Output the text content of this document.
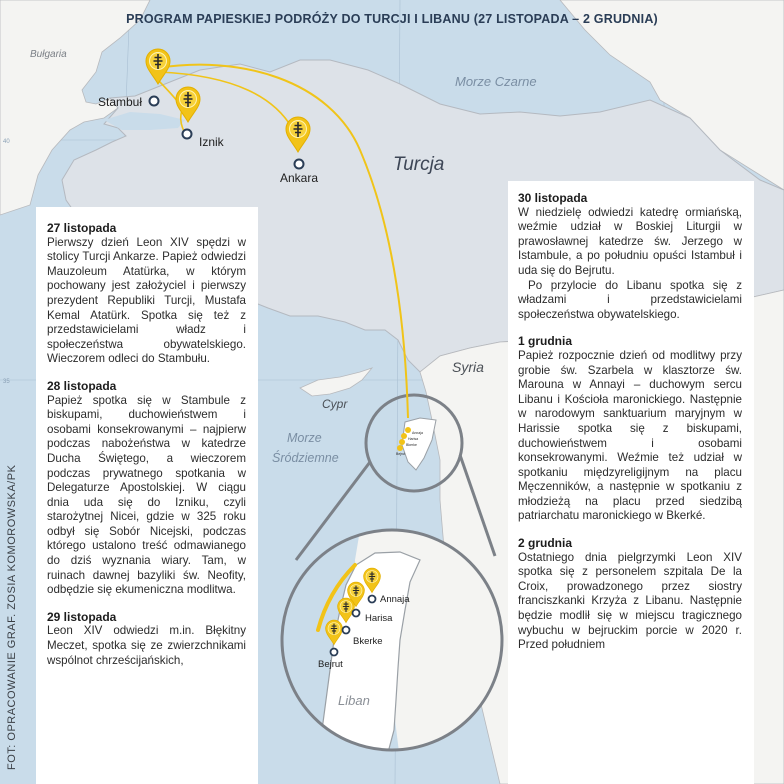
Annaja
Harisa
Bkerke
Bejrut
Annaja
Harisa
Bkerke
Bejrut
Liban
Bułgaria
Morze Czarne
Turcja
Syria
Cypr
Morze
Śródziemne
Stambuł
Iznik
Ankara
40
35
PROGRAM PAPIESKIEJ PODRÓŻY DO TURCJI I LIBANU (27 LISTOPADA – 2 GRUDNIA)
FOT: OPRACOWANIE GRAF. ZOSIA KOMOROWSKA/PK
27 listopada

Pierwszy dzień Leon XIV spędzi w stolicy Turcji Ankarze. Papież odwiedzi Mauzoleum Atatürka, w którym pochowany jest założyciel i pierwszy prezydent Republiki Turcji, Mustafa Kemal Atatürk. Spotka się też z przedstawicielami władz i społeczeństwa obywatelskiego. Wieczorem odleci do Stambułu.

28 listopada

Papież spotka się w Stambule z biskupami, duchowieństwem i osobami konsekrowanymi – najpierw podczas nabożeństwa w katedrze Ducha Świętego, a wieczorem podczas prywatnego spotkania w Delegaturze Apostolskiej. W ciągu dnia uda się do Izniku, czyli starożytnej Nicei, gdzie w 325 roku odbył się Sobór Nicejski, podczas którego ustalono treść odmawianego do dziś wyznania wiary. Tam, w ruinach dawnej bazyliki św. Neofity, odbędzie się ekumeniczna modlitwa.

29 listopada

Leon XIV odwiedzi m.in. Błękitny Meczet, spotka się ze zwierzchnikami wspólnot chrześcijańskich,

30 listopada

W niedzielę odwiedzi katedrę ormiańską, weźmie udział w Boskiej Liturgii w prawosławnej katedrze św. Jerzego w Istambule, a po południu opuści Istambuł i uda się do Bejrutu.

Po przylocie do Libanu spotka się z władzami i przedstawicielami społeczeństwa obywatelskiego.

1 grudnia

Papież rozpocznie dzień od modlitwy przy grobie św. Szarbela w klasztorze św. Marouna w Annayi – duchowym sercu Libanu i Kościoła maronickiego. Następnie w narodowym sanktuarium maryjnym w Harissie spotka się z biskupami, duchowieństwem i osobami konsekrowanymi. Weźmie też udział w spotkaniu międzyreligijnym na placu Męczenników, a następnie w spotkaniu z młodzieżą na placu przed siedzibą patriarchatu maronickiego w Bkerké.

2 grudnia

Ostatniego dnia pielgrzymki Leon XIV spotka się z personelem szpitala De la Croix, prowadzonego przez siostry franciszkanki Krzyża z Libanu. Następnie będzie modlił się w miejscu tragicznego wybuchu w bejruckim porcie w 2020 r. Przed południem
